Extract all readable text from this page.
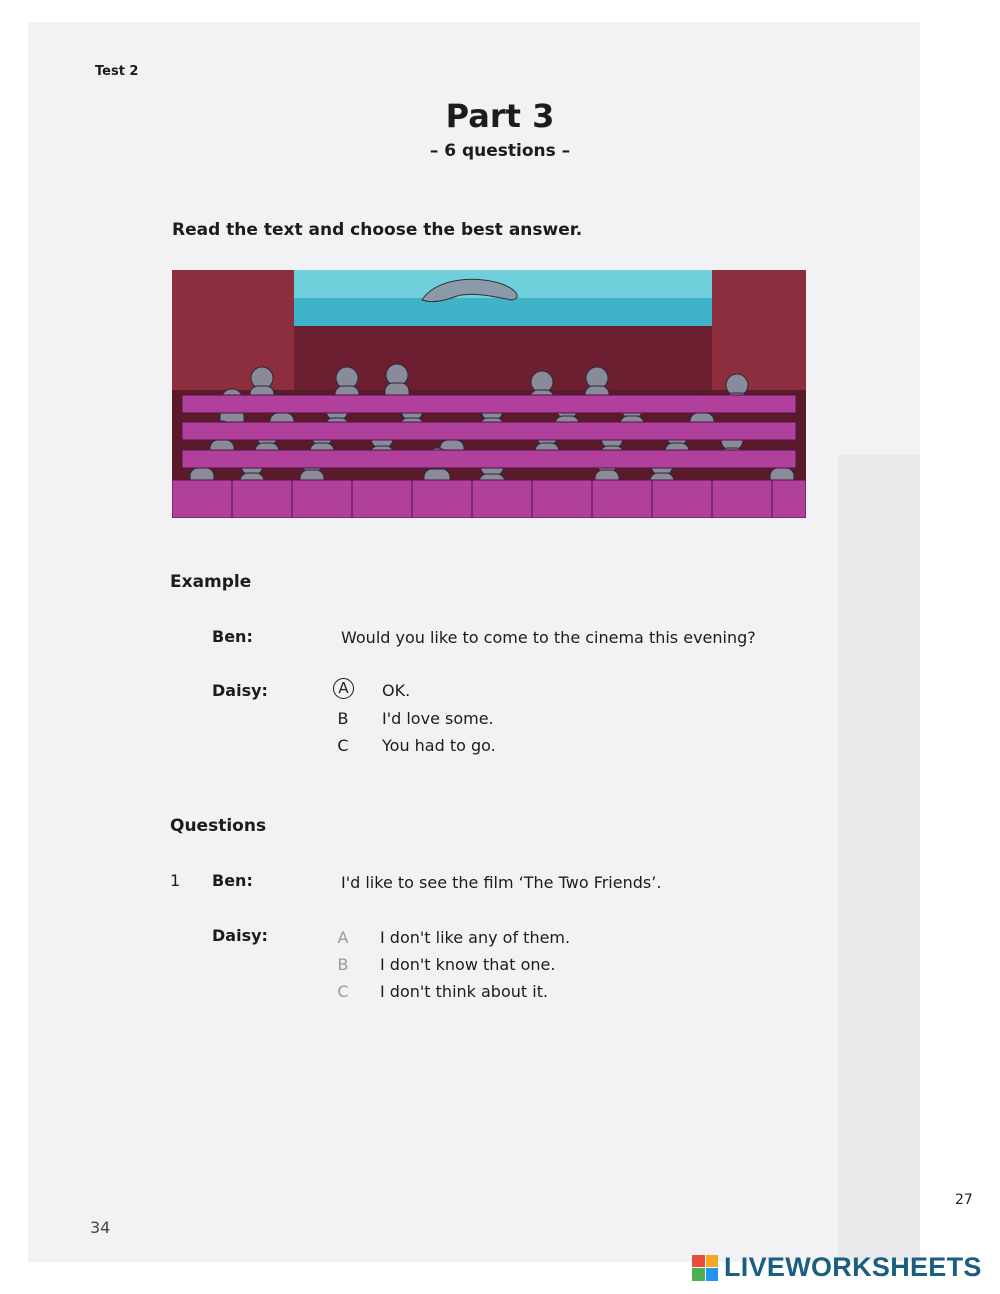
Test 2
Part 3
– 6 questions –
Read the text and choose the best answer.
Example
Ben:	Would you like to come to the cinema this evening?
Daisy:	A	OK.
B I'd love some.
C You had to go.
Questions
1 Ben:	I'd like to see the film ‘The Two Friends’.
Daisy:	A I don't like any of them.
B I don't know that one.
C I don't think about it.
27
34
LIVEWORKSHEETS
